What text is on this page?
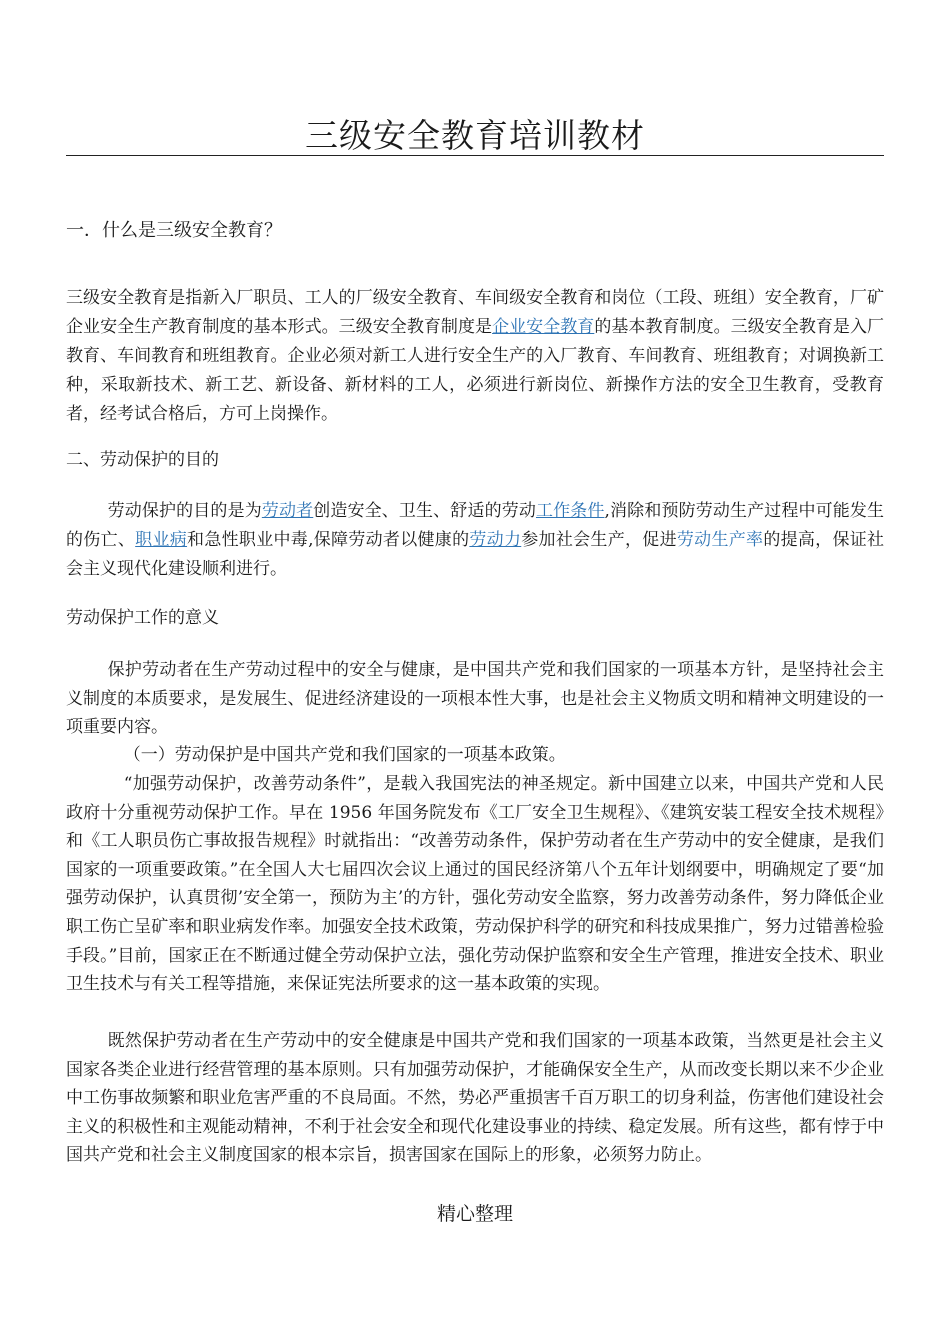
三级安全教育培训教材
一．什么是三级安全教育？
三级安全教育是指新入厂职员、工人的厂级安全教育、车间级安全教育和岗位（工段、班组）安全教育，厂矿企业安全生产教育制度的基本形式。三级安全教育制度是企业安全教育的基本教育制度。三级安全教育是入厂教育、车间教育和班组教育。企业必须对新工人进行安全生产的入厂教育、车间教育、班组教育；对调换新工种，采取新技术、新工艺、新设备、新材料的工人，必须进行新岗位、新操作方法的安全卫生教育，受教育者，经考试合格后，方可上岗操作。
二、劳动保护的目的
劳动保护的目的是为劳动者创造安全、卫生、舒适的劳动工作条件,消除和预防劳动生产过程中可能发生的伤亡、职业病和急性职业中毒,保障劳动者以健康的劳动力参加社会生产，促进劳动生产率的提高，保证社会主义现代化建设顺利进行。
劳动保护工作的意义
保护劳动者在生产劳动过程中的安全与健康，是中国共产党和我们国家的一项基本方针，是坚持社会主义制度的本质要求，是发展生、促进经济建设的一项根本性大事，也是社会主义物质文明和精神文明建设的一项重要内容。
（一）劳动保护是中国共产党和我们国家的一项基本政策。
“加强劳动保护，改善劳动条件”，是载入我国宪法的神圣规定。新中国建立以来，中国共产党和人民政府十分重视劳动保护工作。早在 1956 年国务院发布《工厂安全卫生规程》、《建筑安装工程安全技术规程》和《工人职员伤亡事故报告规程》时就指出：“改善劳动条件，保护劳动者在生产劳动中的安全健康，是我们国家的一项重要政策。”在全国人大七届四次会议上通过的国民经济第八个五年计划纲要中，明确规定了要“加强劳动保护，认真贯彻’安全第一，预防为主’的方针，强化劳动安全监察，努力改善劳动条件，努力降低企业职工伤亡呈矿率和职业病发作率。加强安全技术政策，劳动保护科学的研究和科技成果推广，努力过错善检验手段。”目前，国家正在不断通过健全劳动保护立法，强化劳动保护监察和安全生产管理，推进安全技术、职业卫生技术与有关工程等措施，来保证宪法所要求的这一基本政策的实现。
既然保护劳动者在生产劳动中的安全健康是中国共产党和我们国家的一项基本政策，当然更是社会主义国家各类企业进行经营管理的基本原则。只有加强劳动保护，才能确保安全生产，从而改变长期以来不少企业中工伤事故频繁和职业危害严重的不良局面。不然，势必严重损害千百万职工的切身利益，伤害他们建设社会主义的积极性和主观能动精神，不利于社会安全和现代化建设事业的持续、稳定发展。所有这些，都有悖于中国共产党和社会主义制度国家的根本宗旨，损害国家在国际上的形象，必须努力防止。
精心整理
